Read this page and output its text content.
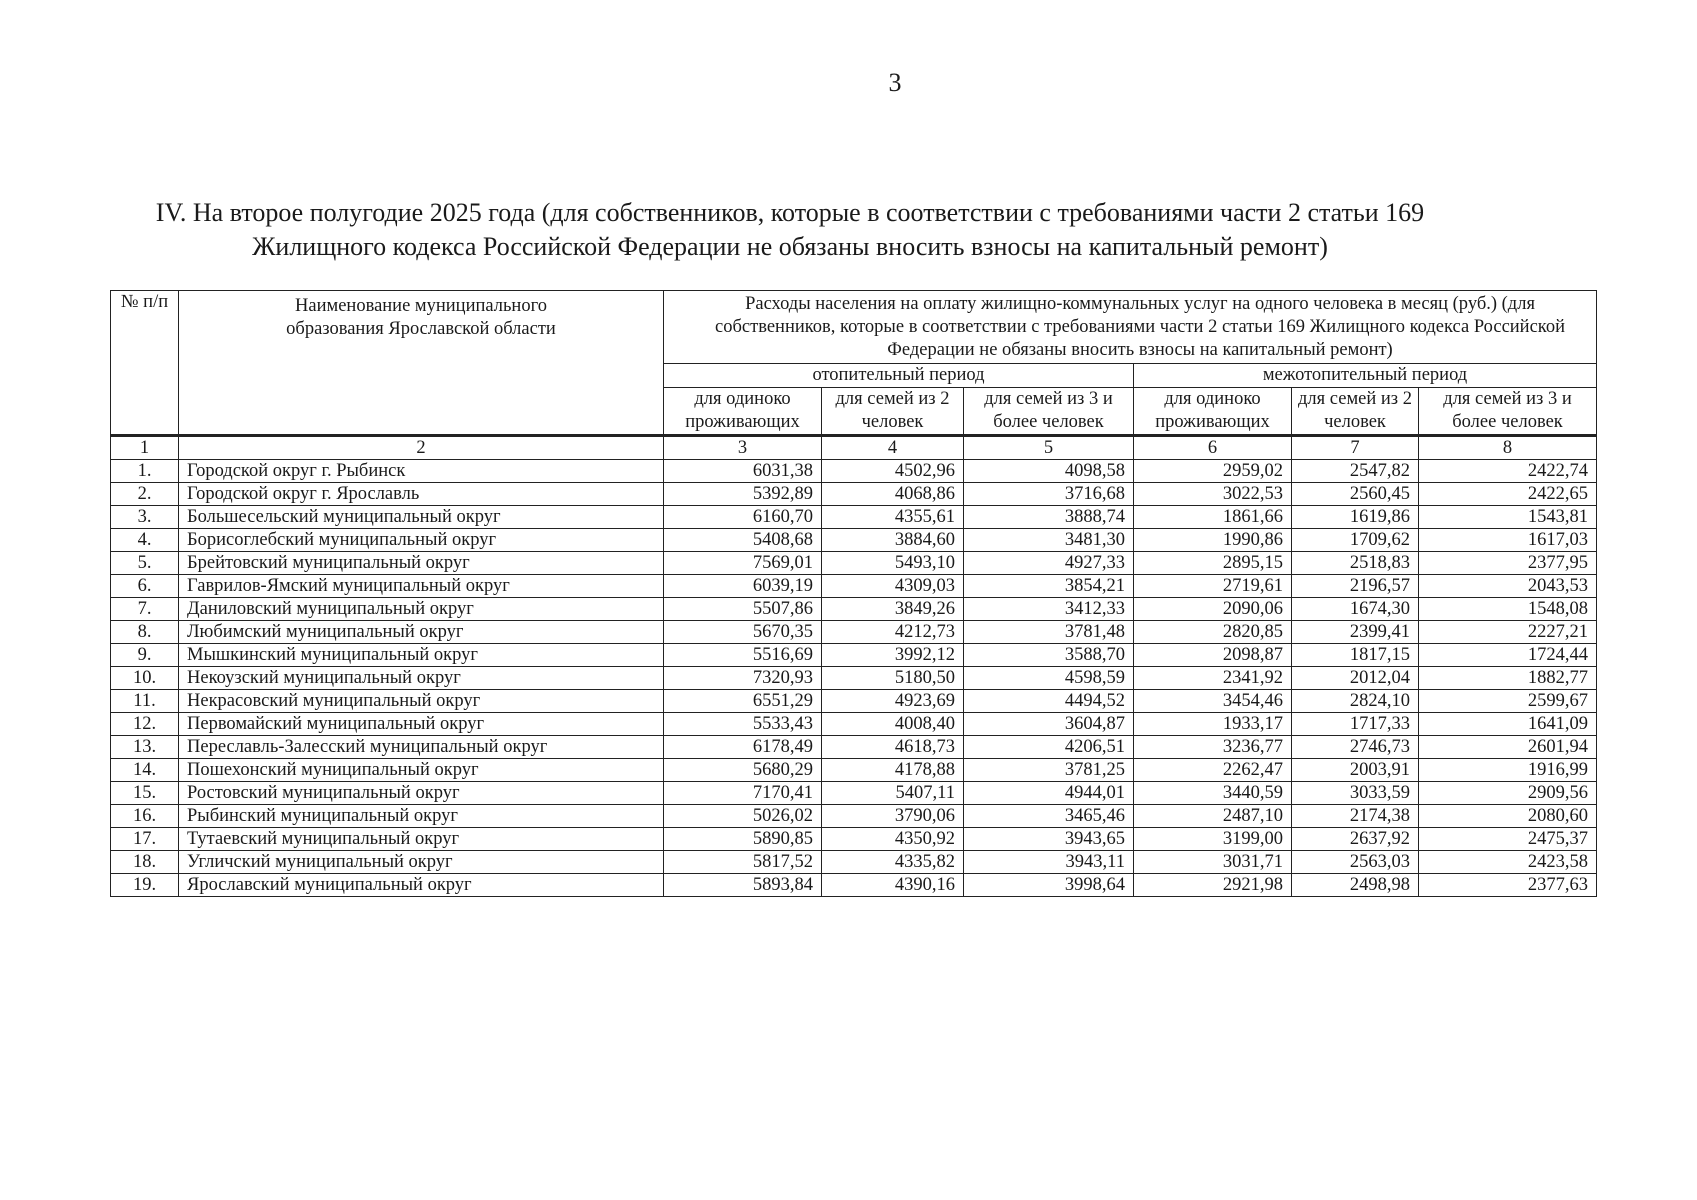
3
IV. На второе полугодие 2025 года (для собственников, которые в соответствии с требованиями части 2 статьи 169
Жилищного кодекса Российской Федерации не обязаны вносить взносы на капитальный ремонт)
№ п/п	Наименование муниципального образования Ярославской области	Расходы населения на оплату жилищно-коммунальных услуг на одного человека в месяц (руб.) (для собственников, которые в соответствии с требованиями части 2 статьи 169 Жилищного кодекса Российской Федерации не обязаны вносить взносы на капитальный ремонт)					
		отопительный период			межотопительный период		
		для одиноко проживающих	для семей из 2 человек	для семей из 3 и более человек	для одиноко проживающих	для семей из 2 человек	для семей из 3 и более человек
1	2	3	4	5	6	7	8
1.	Городской округ г. Рыбинск	6031,38	4502,96	4098,58	2959,02	2547,82	2422,74
2.	Городской округ г. Ярославль	5392,89	4068,86	3716,68	3022,53	2560,45	2422,65
3.	Большесельский муниципальный округ	6160,70	4355,61	3888,74	1861,66	1619,86	1543,81
4.	Борисоглебский муниципальный округ	5408,68	3884,60	3481,30	1990,86	1709,62	1617,03
5.	Брейтовский муниципальный округ	7569,01	5493,10	4927,33	2895,15	2518,83	2377,95
6.	Гаврилов-Ямский муниципальный округ	6039,19	4309,03	3854,21	2719,61	2196,57	2043,53
7.	Даниловский муниципальный округ	5507,86	3849,26	3412,33	2090,06	1674,30	1548,08
8.	Любимский муниципальный округ	5670,35	4212,73	3781,48	2820,85	2399,41	2227,21
9.	Мышкинский муниципальный округ	5516,69	3992,12	3588,70	2098,87	1817,15	1724,44
10.	Некоузский муниципальный округ	7320,93	5180,50	4598,59	2341,92	2012,04	1882,77
11.	Некрасовский муниципальный округ	6551,29	4923,69	4494,52	3454,46	2824,10	2599,67
12.	Первомайский муниципальный округ	5533,43	4008,40	3604,87	1933,17	1717,33	1641,09
13.	Переславль-Залесский муниципальный округ	6178,49	4618,73	4206,51	3236,77	2746,73	2601,94
14.	Пошехонский муниципальный округ	5680,29	4178,88	3781,25	2262,47	2003,91	1916,99
15.	Ростовский муниципальный округ	7170,41	5407,11	4944,01	3440,59	3033,59	2909,56
16.	Рыбинский муниципальный округ	5026,02	3790,06	3465,46	2487,10	2174,38	2080,60
17.	Тутаевский муниципальный округ	5890,85	4350,92	3943,65	3199,00	2637,92	2475,37
18.	Угличский муниципальный округ	5817,52	4335,82	3943,11	3031,71	2563,03	2423,58
19.	Ярославский муниципальный округ	5893,84	4390,16	3998,64	2921,98	2498,98	2377,63
